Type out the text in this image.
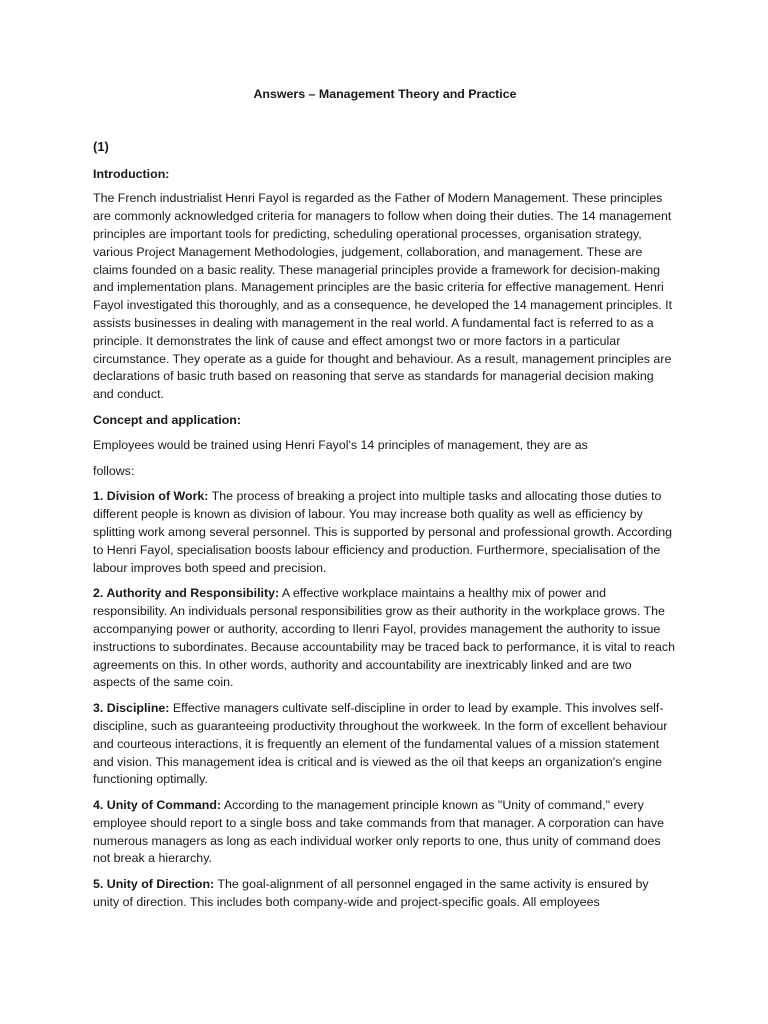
Answers – Management Theory and Practice
(1)
Introduction:

The French industrialist Henri Fayol is regarded as the Father of Modern Management. These principles are commonly acknowledged criteria for managers to follow when doing their duties. The 14 management principles are important tools for predicting, scheduling operational processes, organisation strategy, various Project Management Methodologies, judgement, collaboration, and management. These are claims founded on a basic reality. These managerial principles provide a framework for decision-making and implementation plans. Management principles are the basic criteria for effective management. Henri Fayol investigated this thoroughly, and as a consequence, he developed the 14 management principles. It assists businesses in dealing with management in the real world. A fundamental fact is referred to as a principle. It demonstrates the link of cause and effect amongst two or more factors in a particular circumstance. They operate as a guide for thought and behaviour. As a result, management principles are declarations of basic truth based on reasoning that serve as standards for managerial decision making and conduct.

Concept and application:

Employees would be trained using Henri Fayol's 14 principles of management, they are as

follows:

1. Division of Work: The process of breaking a project into multiple tasks and allocating those duties to different people is known as division of labour. You may increase both quality as well as efficiency by splitting work among several personnel. This is supported by personal and professional growth. According to Henri Fayol, specialisation boosts labour efficiency and production. Furthermore, specialisation of the labour improves both speed and precision.

2. Authority and Responsibility: A effective workplace maintains a healthy mix of power and responsibility. An individuals personal responsibilities grow as their authority in the workplace grows. The accompanying power or authority, according to Ilenri Fayol, provides management the authority to issue instructions to subordinates. Because accountability may be traced back to performance, it is vital to reach agreements on this. In other words, authority and accountability are inextricably linked and are two aspects of the same coin.

3. Discipline: Effective managers cultivate self-discipline in order to lead by example. This involves self-discipline, such as guaranteeing productivity throughout the workweek. In the form of excellent behaviour and courteous interactions, it is frequently an element of the fundamental values of a mission statement and vision. This management idea is critical and is viewed as the oil that keeps an organization's engine functioning optimally.

4. Unity of Command: According to the management principle known as "Unity of command," every employee should report to a single boss and take commands from that manager. A corporation can have numerous managers as long as each individual worker only reports to one, thus unity of command does not break a hierarchy.

5. Unity of Direction: The goal-alignment of all personnel engaged in the same activity is ensured by unity of direction. This includes both company-wide and project-specific goals. All employees
